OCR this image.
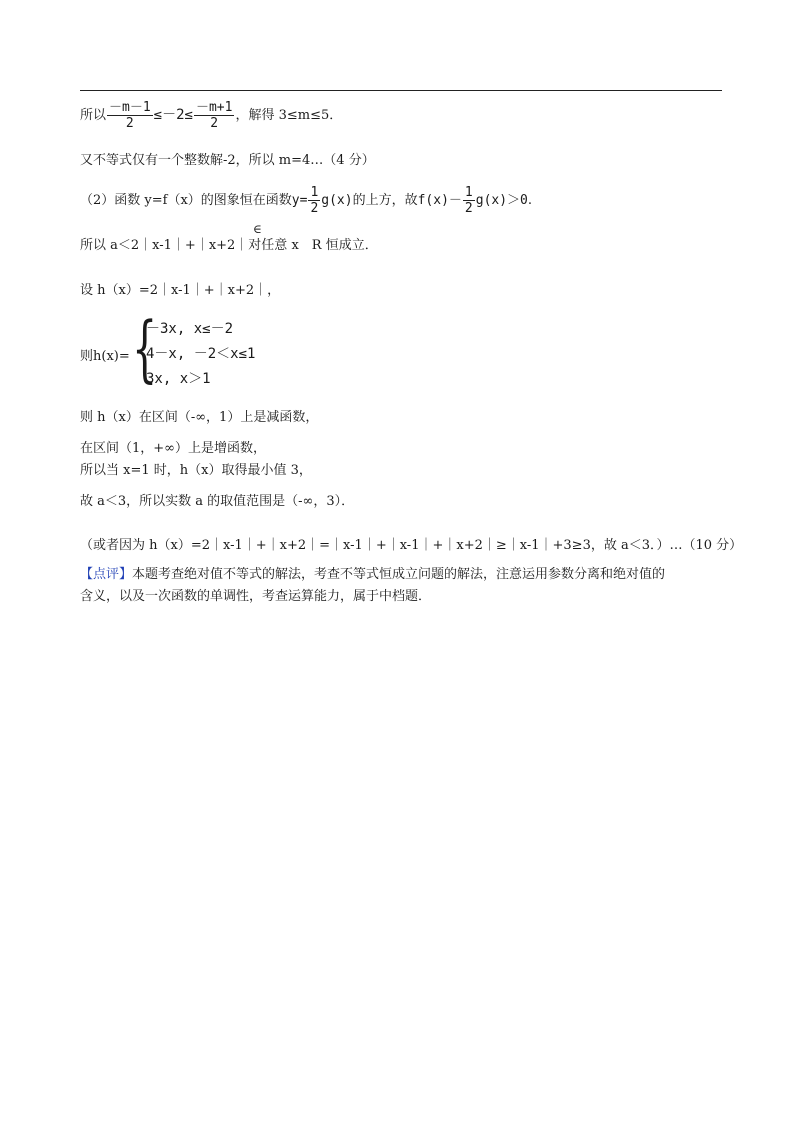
所以 $\frac{-m-1}{2} \le-2\le \frac{-m+1}{2}$ ，解得 3≤m≤5．
又不等式仅有一个整数解-2，所以 m=4…（4 分）
（2）函数 y=f（x）的图象恒在函数$y= \frac{1}{2} g(x)$的上方，故$f(x)- \frac{1}{2} g(x)>0$.
∈
所以 a＜2｜x-1｜+｜x+2｜对任意 x　R 恒成立．
设 h（x）=2｜x-1｜+｜x+2｜，
则h(x)= {
－3x, x≤－2
4－x, －2＜x≤1
3x, x＞1
则 h（x）在区间（-∞，1）上是减函数，
在区间（1，+∞）上是增函数，
所以当 x=1 时，h（x）取得最小值 3，
故 a＜3，所以实数 a 的取值范围是（-∞，3）．
（或者因为 h（x）=2｜x-1｜+｜x+2｜=｜x-1｜+｜x-1｜+｜x+2｜≥｜x-1｜+3≥3，故 a＜3．）…（10 分）
【点评】本题考查绝对值不等式的解法，考查不等式恒成立问题的解法，注意运用参数分离和绝对值的
含义，以及一次函数的单调性，考查运算能力，属于中档题．
